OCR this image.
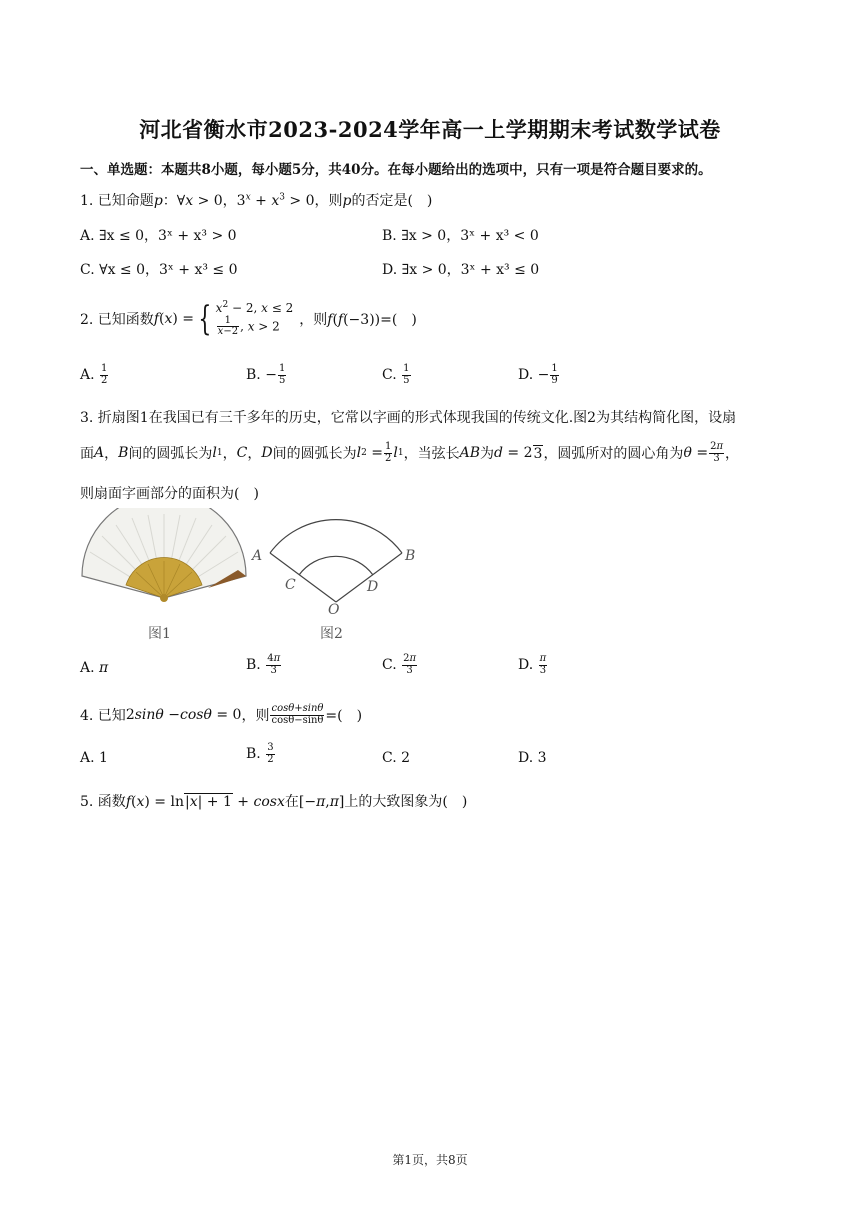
河北省衡水市2023-2024学年高一上学期期末考试数学试卷
一、单选题：本题共8小题，每小题5分，共40分。在每小题给出的选项中，只有一项是符合题目要求的。
1. 已知命题p：∀x > 0，$3^x + x^3 > 0$，则p的否定是(　)
A. ∃x ≤ 0，3ˣ + x³ > 0	B. ∃x > 0，3ˣ + x³ < 0
C. ∀x ≤ 0，3ˣ + x³ ≤ 0	D. ∃x > 0，3ˣ + x³ ≤ 0
2. 已知函数 f ( x ) = { $x^2 - 2$, x ≤ 2
$\frac{1}{x-2}$ , x > 2	，则f(f(−3)) =(　)
A. $\frac{1}{2}$	B. − $\frac{1}{5}$	C. $\frac{1}{5}$	D. − $\frac{1}{9}$
3. 折扇图1在我国已有三千多年的历史，它常以字画的形式体现我国的传统文化.图2为其结构简化图，设扇
面 A ， B 间的圆弧长为 l 1 ， C ， D 间的圆弧长为 l $2 = \frac{1}{2}$ l 1 ，当弦长 AB 为 d = 2 3 ，圆弧所对的圆心角为 $\theta = \frac{2\pi}{3}$ ，
则扇面字画部分的面积为(　)
A	B
C	D
O
图1	图2
A. π	B. $\frac{4\pi}{3}$	C. $\frac{2\pi}{3}$	D. $\frac{\pi}{3}$
4. 已知 2 sinθ − cosθ = 0 ，则 $\frac{\cos\theta+\sin\theta}{\cos\theta-\sin\theta}$ =(　)
A. 1	B. $\frac{3}{2}$	C. 2	D. 3
5. 函数f(x) = ln|x| + 1 + cosx在[−π,π]上的大致图象为(　)
第1页，共8页
